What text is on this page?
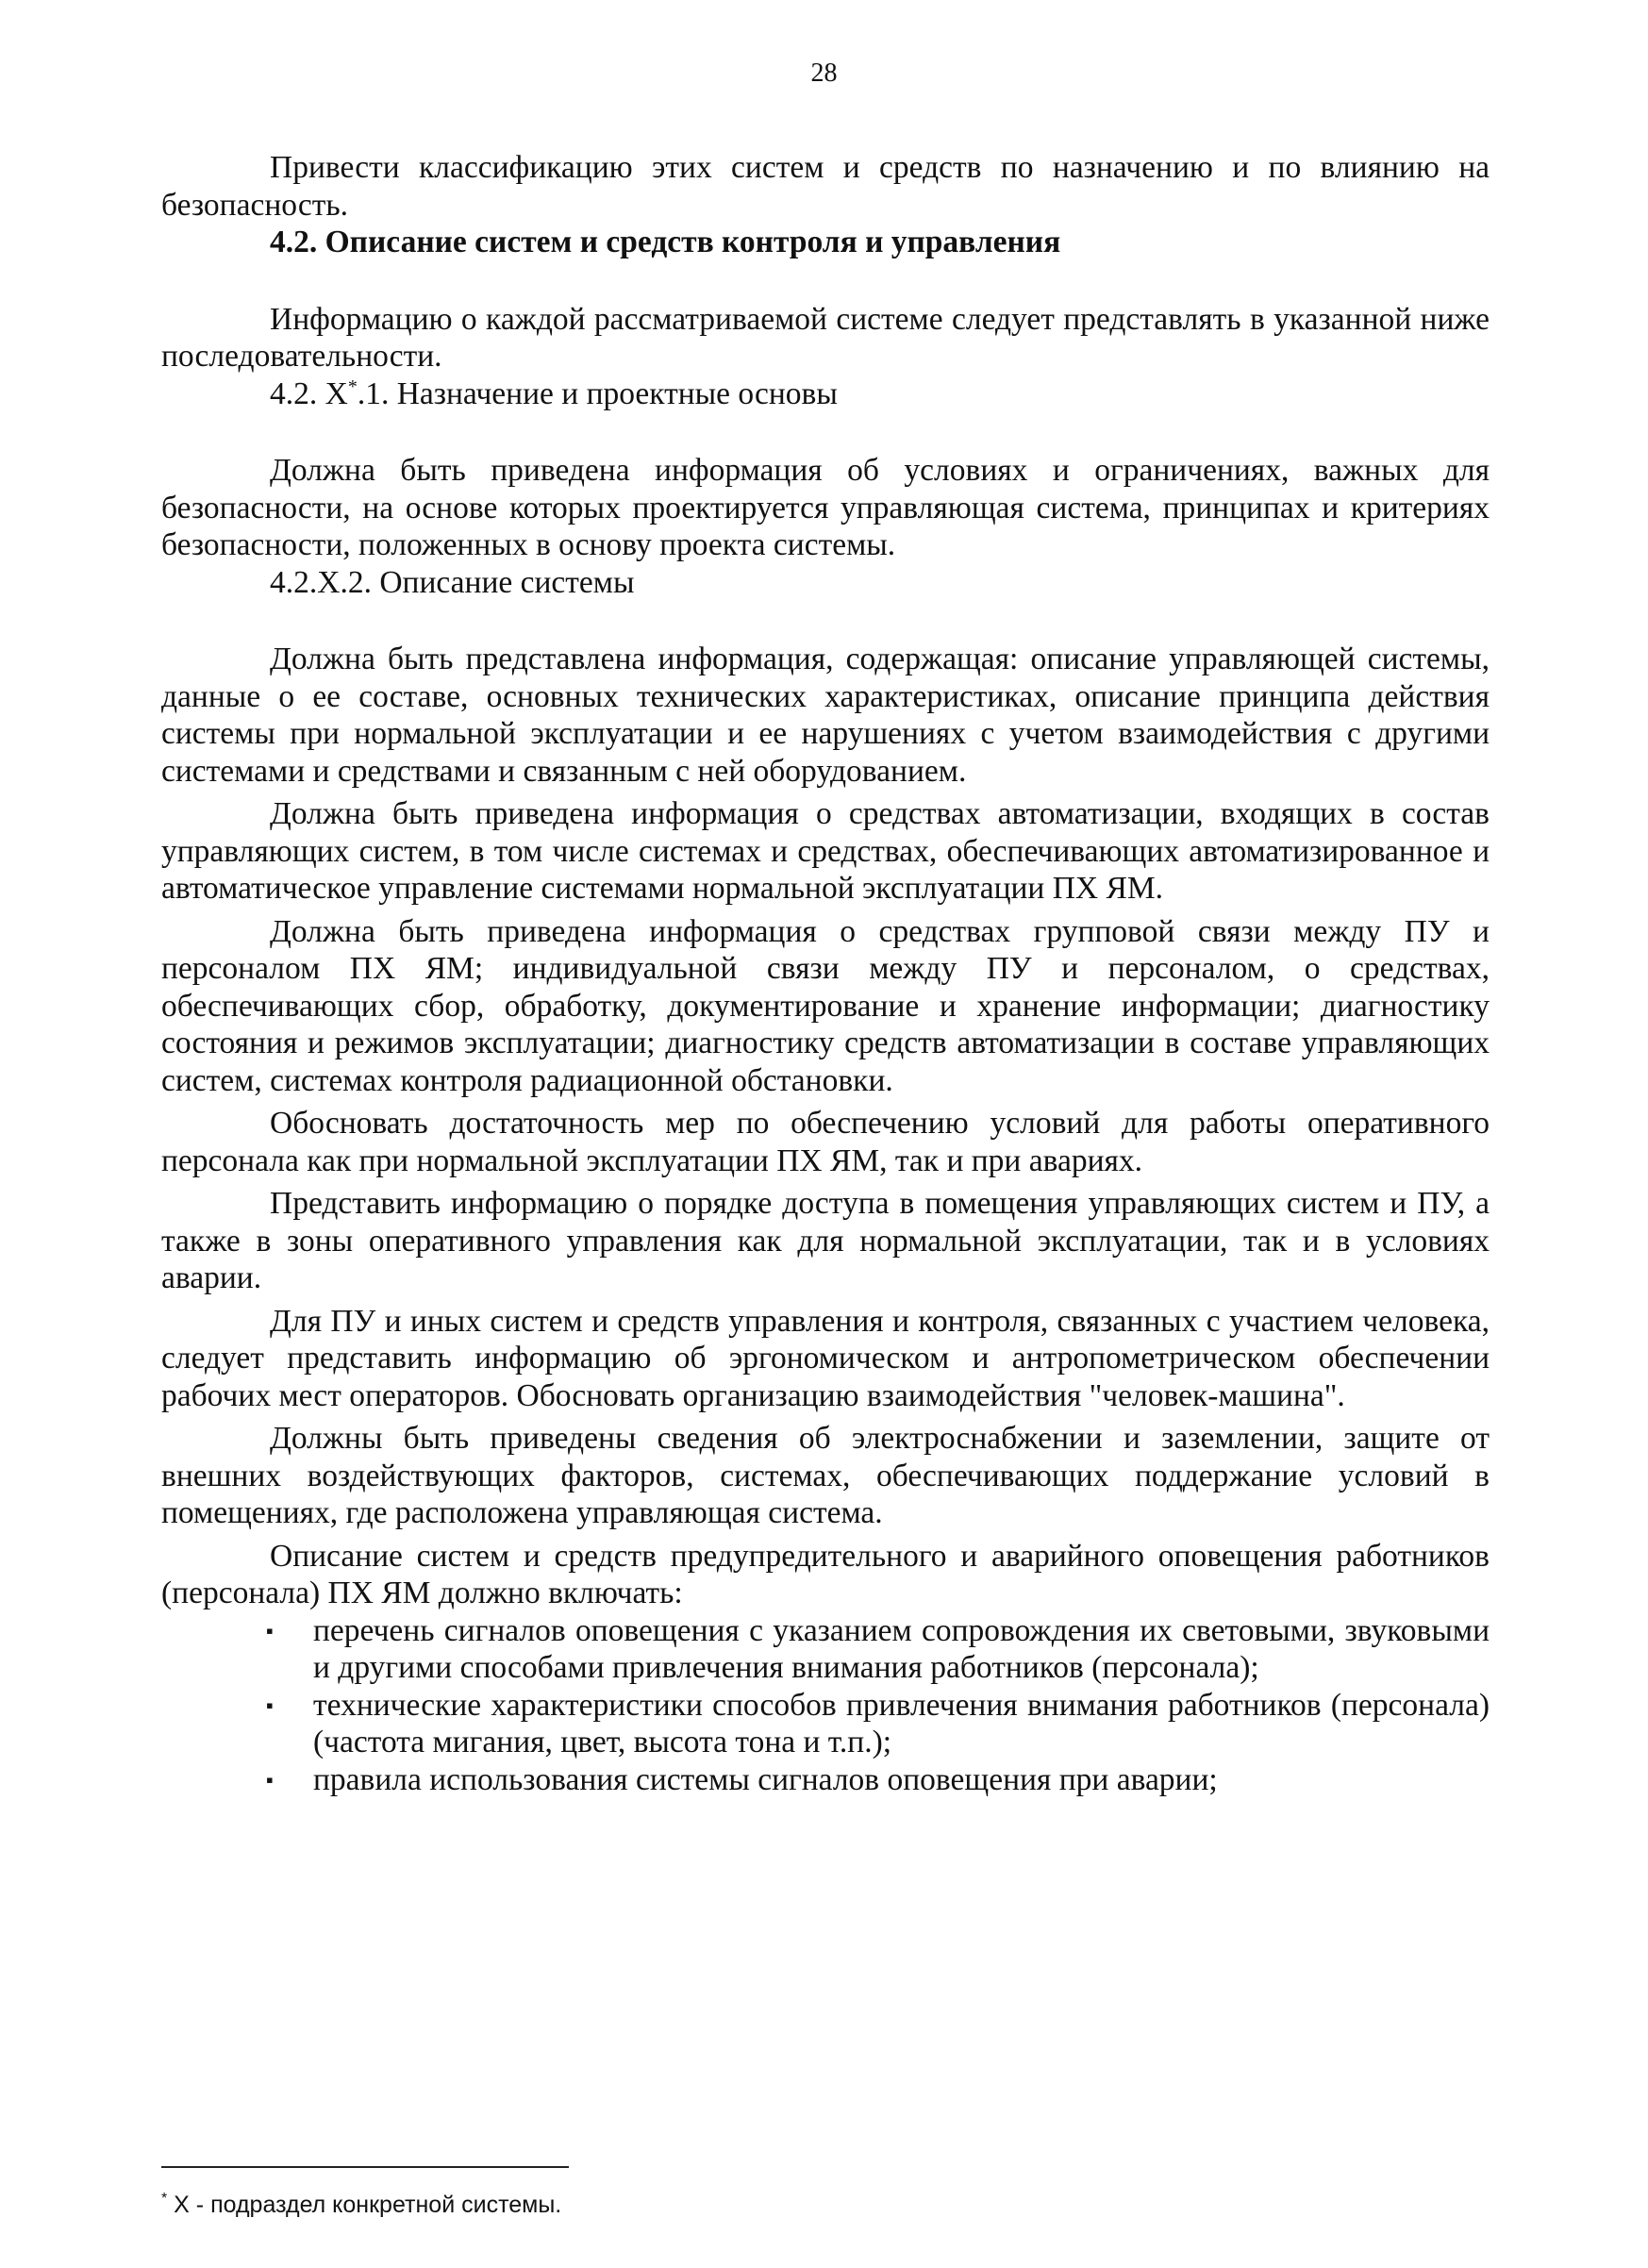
28

Привести классификацию этих систем и средств по назначению и по влиянию на безопасность.

4.2. Описание систем и средств контроля и управления

Информацию о каждой рассматриваемой системе следует представлять в указанной ниже последовательности.

4.2. X*.1. Назначение и проектные основы

Должна быть приведена информация об условиях и ограничениях, важных для безопасности, на основе которых проектируется управляющая система, принципах и критериях безопасности, положенных в основу проекта системы.

4.2.X.2. Описание системы

Должна быть представлена информация, содержащая: описание управляющей системы, данные о ее составе, основных технических характеристиках, описание принципа действия системы при нормальной эксплуатации и ее нарушениях с учетом взаимодействия с другими системами и средствами и связанным с ней оборудованием.

Должна быть приведена информация о средствах автоматизации, входящих в состав управляющих систем, в том числе системах и средствах, обеспечивающих автоматизированное и автоматическое управление системами нормальной эксплуатации ПХ ЯМ.

Должна быть приведена информация о средствах групповой связи между ПУ и персоналом ПХ ЯМ; индивидуальной связи между ПУ и персоналом, о средствах, обеспечивающих сбор, обработку, документирование и хранение информации; диагностику состояния и режимов эксплуатации; диагностику средств автоматизации в составе управляющих систем, системах контроля радиационной обстановки.

Обосновать достаточность мер по обеспечению условий для работы оперативного персонала как при нормальной эксплуатации ПХ ЯМ, так и при авариях.

Представить информацию о порядке доступа в помещения управляющих систем и ПУ, а также в зоны оперативного управления как для нормальной эксплуатации, так и в условиях аварии.

Для ПУ и иных систем и средств управления и контроля, связанных с участием человека, следует представить информацию об эргономическом и антропометрическом обеспечении рабочих мест операторов. Обосновать организацию взаимодействия "человек-машина".

Должны быть приведены сведения об электроснабжении и заземлении, защите от внешних воздействующих факторов, системах, обеспечивающих поддержание условий в помещениях, где расположена управляющая система.

Описание систем и средств предупредительного и аварийного оповещения работников (персонала) ПХ ЯМ должно включать:

▪ перечень сигналов оповещения с указанием сопровождения их световыми, звуковыми и другими способами привлечения внимания работников (персонала);
▪ технические характеристики способов привлечения внимания работников (персонала) (частота мигания, цвет, высота тона и т.п.);
▪ правила использования системы сигналов оповещения при аварии;
* X - подраздел конкретной системы.
